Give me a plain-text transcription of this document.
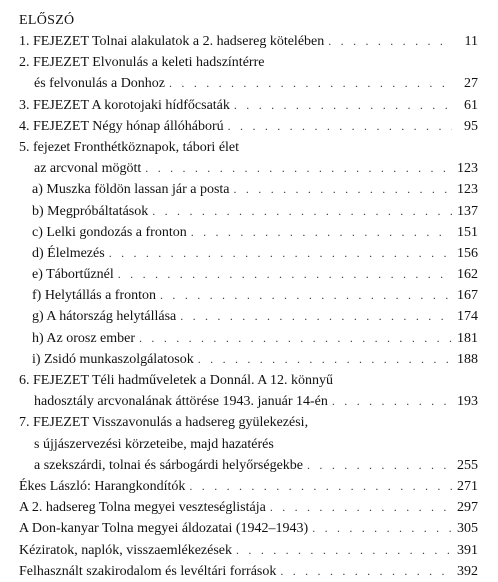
ELŐSZÓ
1. FEJEZET Tolnai alakulatok a 2. hadsereg kötelében . . .	11
2. FEJEZET Elvonulás a keleti hadszíntérre
és felvonulás a Donhoz . . .	27
3. FEJEZET A korotojaki hídfőcsaták . . .	61
4. FEJEZET Négy hónap állóháború . . .	95
5. fejezet Fronthétköznapok, tábori élet
az arcvonal mögött . . .	123
a) Muszka földön lassan jár a posta . . .	123
b) Megpróbáltatások . . .	137
c) Lelki gondozás a fronton . . .	151
d) Élelmezés . . .	156
e) Tábortűznél . . .	162
f) Helytállás a fronton . . .	167
g) A hátország helytállása . . .	174
h) Az orosz ember . . .	181
i) Zsidó munkaszolgálatosok . . .	188
6. FEJEZET Téli hadműveletek a Donnál. A 12. könnyű
hadosztály arcvonalának áttörése 1943. január 14-én . . .	193
7. FEJEZET Visszavonulás a hadsereg gyülekezési,
s újjászervezési körzeteibe, majd hazatérés
a szekszárdi, tolnai és sárbogárdi helyőrségekbe . . .	255
Ékes László: Harangkondítók . . .	271
A 2. hadsereg Tolna megyei veszteséglistája . . .	297
A Don-kanyar Tolna megyei áldozatai (1942–1943) . . .	305
Kéziratok, naplók, visszaemlékezések . . .	391
Felhasznált szakirodalom és levéltári források . . .	392
